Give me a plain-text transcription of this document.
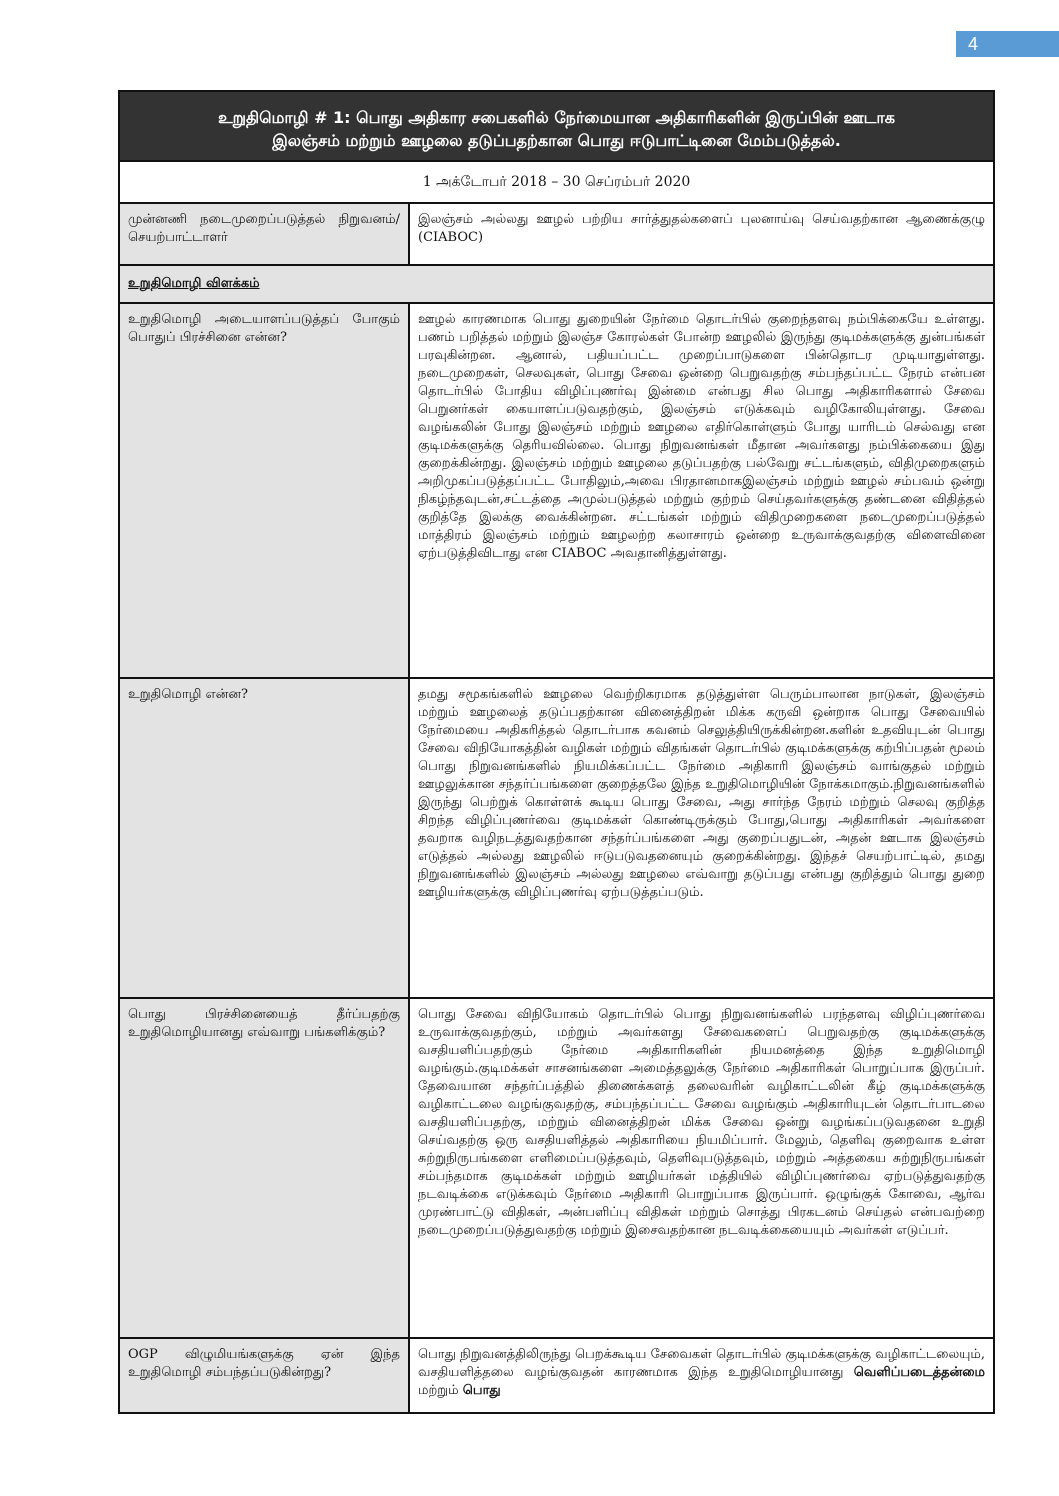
4
உறுதிமொழி # 1: பொது அதிகார சபைகளில் நேர்மையான அதிகாரிகளின் இருப்பின் ஊடாக
இலஞ்சம் மற்றும் ஊழலை தடுப்பதற்கான பொது ஈடுபாட்டினை மேம்படுத்தல்.	

1 அக்டோபர் 2018 – 30 செப்ரம்பர் 2020	
முன்னணி நடைமுறைப்படுத்தல் நிறுவனம்/செயற்பாட்டாளர்	இலஞ்சம் அல்லது ஊழல் பற்றிய சார்த்துதல்களைப் புலனாய்வு செய்வதற்கான ஆணைக்குழு (CIABOC)
உறுதிமொழி விளக்கம்	
உறுதிமொழி அடையாளப்படுத்தப் போகும் பொதுப் பிரச்சினை என்ன?	ஊழல் காரணமாக பொது துறையின் நேர்மை தொடர்பில் குறைந்தளவு நம்பிக்கையே உள்ளது. பணம் பறித்தல் மற்றும் இலஞ்ச கோரல்கள் போன்ற ஊழலில் இருந்து குடிமக்களுக்கு துன்பங்கள் பரவுகின்றன. ஆனால், பதியப்பட்ட முறைப்பாடுகளை பின்தொடர முடியாதுள்ளது. நடைமுறைகள், செலவுகள், பொது சேவை ஒன்றை பெறுவதற்கு சம்பந்தப்பட்ட நேரம் என்பன தொடர்பில் போதிய விழிப்புணர்வு இன்மை என்பது சில பொது அதிகாரிகளால் சேவை பெறுனர்கள் கையாளப்படுவதற்கும், இலஞ்சம் எடுக்கவும் வழிகோலியுள்ளது. சேவை வழங்கலின் போது இலஞ்சம் மற்றும் ஊழலை எதிர்கொள்ளும் போது யாரிடம் செல்வது என குடிமக்களுக்கு தெரியவில்லை. பொது நிறுவனங்கள் மீதான அவர்களது நம்பிக்கையை இது குறைக்கின்றது. இலஞ்சம் மற்றும் ஊழலை தடுப்பதற்கு பல்வேறு சட்டங்களும், விதிமுறைகளும் அறிமுகப்படுத்தப்பட்ட போதிலும்,அவை பிரதானமாகஇலஞ்சம் மற்றும் ஊழல் சம்பவம் ஒன்று நிகழ்ந்தவுடன்,சட்டத்தை அமுல்படுத்தல் மற்றும் குற்றம் செய்தவர்களுக்கு தண்டனை விதித்தல் குறித்தே இலக்கு வைக்கின்றன. சட்டங்கள் மற்றும் விதிமுறைகளை நடைமுறைப்படுத்தல் மாத்திரம் இலஞ்சம் மற்றும் ஊழலற்ற கலாசாரம் ஒன்றை உருவாக்குவதற்கு விளைவினை ஏற்படுத்திவிடாது என CIABOC அவதானித்துள்ளது.
உறுதிமொழி என்ன?	தமது சமூகங்களில் ஊழலை வெற்றிகரமாக தடுத்துள்ள பெரும்பாலான நாடுகள், இலஞ்சம் மற்றும் ஊழலைத் தடுப்பதற்கான வினைத்திறன் மிக்க கருவி ஒன்றாக பொது சேவையில் நேர்மையை அதிகரித்தல் தொடர்பாக கவனம் செலுத்தியிருக்கின்றன.களின் உதவியுடன் பொது சேவை விநியோகத்தின் வழிகள் மற்றும் விதங்கள் தொடர்பில் குடிமக்களுக்கு கற்பிப்பதன் மூலம் பொது நிறுவனங்களில் நியமிக்கப்பட்ட நேர்மை அதிகாரி இலஞ்சம் வாங்குதல் மற்றும் ஊழலுக்கான சந்தர்ப்பங்களை குறைத்தலே இந்த உறுதிமொழியின் நோக்கமாகும்.நிறுவனங்களில் இருந்து பெற்றுக் கொள்ளக் கூடிய பொது சேவை, அது சார்ந்த நேரம் மற்றும் செலவு குறித்த சிறந்த விழிப்புணர்வை குடிமக்கள் கொண்டிருக்கும் போது,பொது அதிகாரிகள் அவர்களை தவறாக வழிநடத்துவதற்கான சந்தர்ப்பங்களை அது குறைப்பதுடன், அதன் ஊடாக இலஞ்சம் எடுத்தல் அல்லது ஊழலில் ஈடுபடுவதனையும் குறைக்கின்றது. இந்தச் செயற்பாட்டில், தமது நிறுவனங்களில் இலஞ்சம் அல்லது ஊழலை எவ்வாறு தடுப்பது என்பது குறித்தும் பொது துறை ஊழியர்களுக்கு விழிப்புணர்வு ஏற்படுத்தப்படும்.
பொது பிரச்சினையைத் தீர்ப்பதற்கு உறுதிமொழியானது எவ்வாறு பங்களிக்கும்?	பொது சேவை விநியோகம் தொடர்பில் பொது நிறுவனங்களில் பரந்தளவு விழிப்புணர்வை உருவாக்குவதற்கும், மற்றும் அவர்களது சேவைகளைப் பெறுவதற்கு குடிமக்களுக்கு வசதியளிப்பதற்கும் நேர்மை அதிகாரிகளின் நியமனத்தை இந்த உறுதிமொழி வழங்கும்.குடிமக்கள் சாசனங்களை அமைத்தலுக்கு நேர்மை அதிகாரிகள் பொறுப்பாக இருப்பர். தேவையான சந்தர்ப்பத்தில் திணைக்களத் தலைவரின் வழிகாட்டலின் கீழ் குடிமக்களுக்கு வழிகாட்டலை வழங்குவதற்கு, சம்பந்தப்பட்ட சேவை வழங்கும் அதிகாரியுடன் தொடர்பாடலை வசதியளிப்பதற்கு, மற்றும் வினைத்திறன் மிக்க சேவை ஒன்று வழங்கப்படுவதனை உறுதி செய்வதற்கு ஒரு வசதியளித்தல் அதிகாரியை நியமிப்பார். மேலும், தெளிவு குறைவாக உள்ள சுற்றுநிருபங்களை எளிமைப்படுத்தவும், தெளிவுபடுத்தவும், மற்றும் அத்தகைய சுற்றுநிருபங்கள் சம்பந்தமாக குடிமக்கள் மற்றும் ஊழியர்கள் மத்தியில் விழிப்புணர்வை ஏற்படுத்துவதற்கு நடவடிக்கை எடுக்கவும் நேர்மை அதிகாரி பொறுப்பாக இருப்பார். ஒழுங்குக் கோவை, ஆர்வ முரண்பாட்டு விதிகள், அன்பளிப்பு விதிகள் மற்றும் சொத்து பிரகடனம் செய்தல் என்பவற்றை நடைமுறைப்படுத்துவதற்கு மற்றும் இசைவதற்கான நடவடிக்கையையும் அவர்கள் எடுப்பர்.
OGP விழுமியங்களுக்கு ஏன் இந்த உறுதிமொழி சம்பந்தப்படுகின்றது?	பொது நிறுவனத்திலிருந்து பெறக்கூடிய சேவைகள் தொடர்பில் குடிமக்களுக்கு வழிகாட்டலையும், வசதியளித்தலை வழங்குவதன் காரணமாக இந்த உறுதிமொழியானது வெளிப்படைத்தன்மை மற்றும் பொது
